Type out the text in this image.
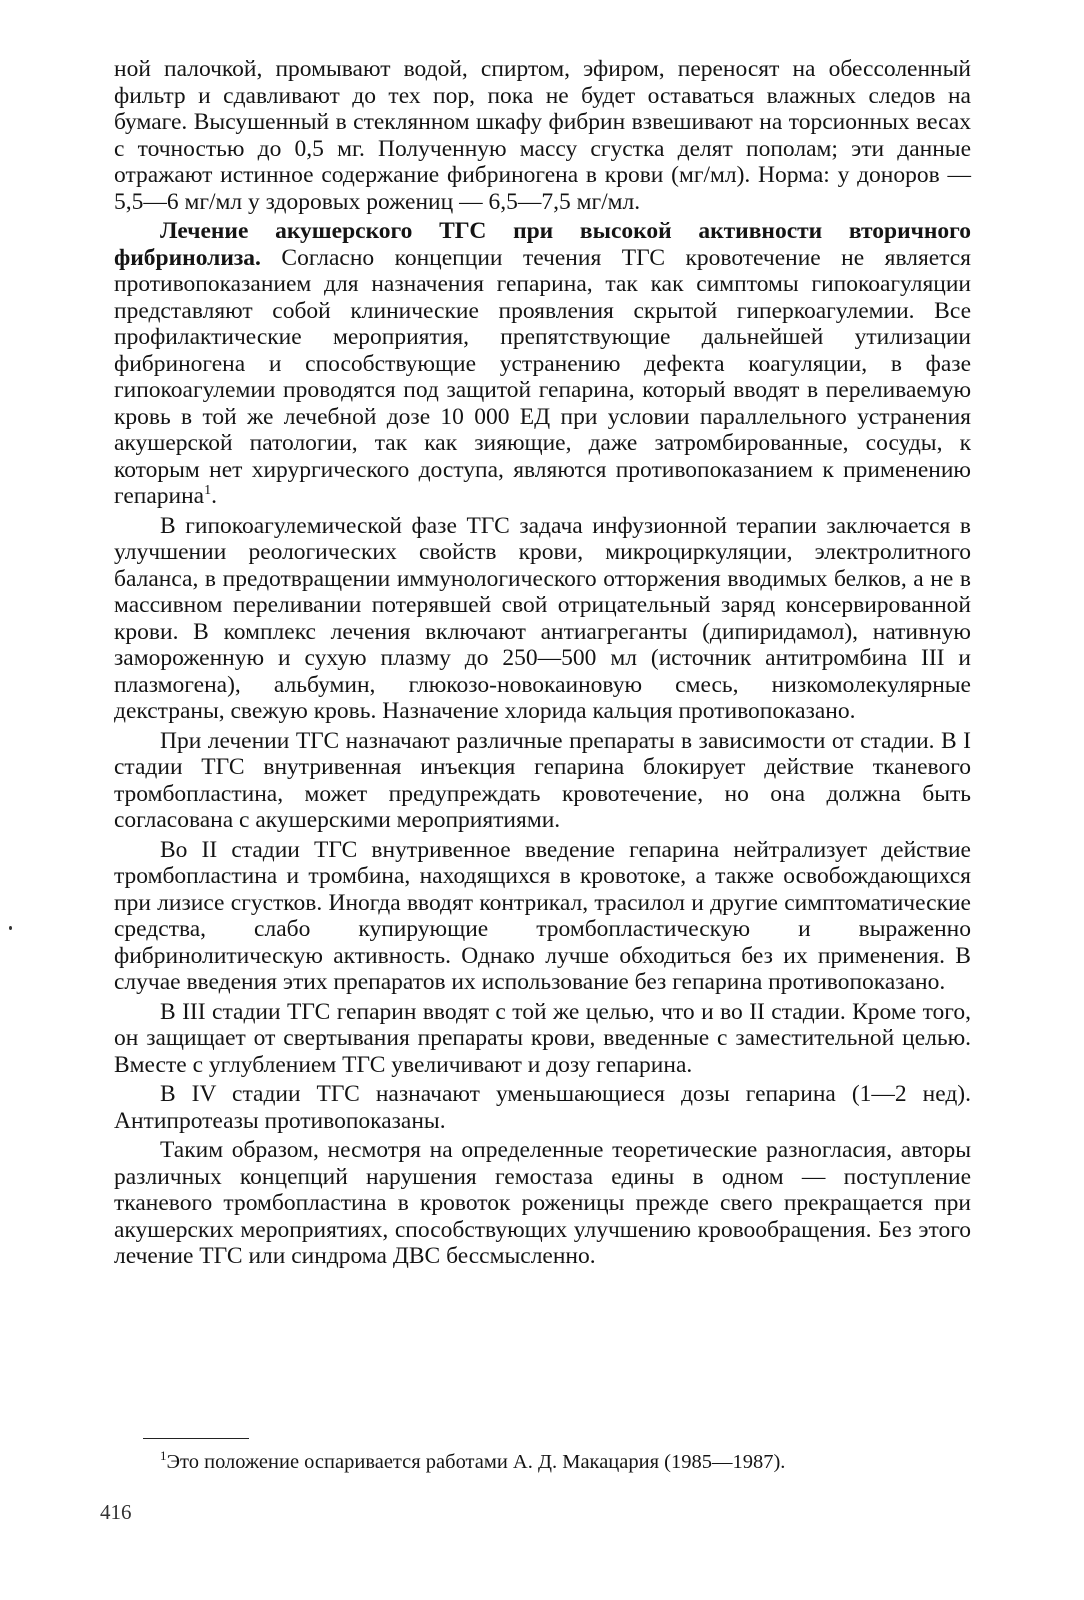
ной палочкой, промывают водой, спиртом, эфиром, переносят на обессоленный фильтр и сдавливают до тех пор, пока не будет оставаться влажных следов на бумаге. Высушенный в стеклянном шкафу фибрин взвешивают на торсионных весах с точностью до 0,5 мг. Полученную массу сгустка делят пополам; эти данные отражают истинное содержание фибриногена в крови (мг/мл). Норма: у доноров — 5,5—6 мг/мл у здоровых рожениц — 6,5—7,5 мг/мл.

Лечение акушерского ТГС при высокой активности вторичного фибринолиза. Согласно концепции течения ТГС кровотечение не является противопоказанием для назначения гепарина, так как симптомы гипокоагуляции представляют собой клинические проявления скрытой гиперкоагулемии. Все профилактические мероприятия, препятствующие дальнейшей утилизации фибриногена и способствующие устранению дефекта коагуляции, в фазе гипокоагулемии проводятся под защитой гепарина, который вводят в переливаемую кровь в той же лечебной дозе 10 000 ЕД при условии параллельного устранения акушерской патологии, так как зияющие, даже затромбированные, сосуды, к которым нет хирургического доступа, являются противопоказанием к применению гепарина$^1$.

В гипокоагулемической фазе ТГС задача инфузионной терапии заключается в улучшении реологических свойств крови, микроциркуляции, электролитного баланса, в предотвращении иммунологического отторжения вводимых белков, а не в массивном переливании потерявшей свой отрицательный заряд консервированной крови. В комплекс лечения включают антиагреганты (дипиридамол), нативную замороженную и сухую плазму до 250—500 мл (источник антитромбина III и плазмогена), альбумин, глюкозо-новокаиновую смесь, низкомолекулярные декстраны, свежую кровь. Назначение хлорида кальция противопоказано.

При лечении ТГС назначают различные препараты в зависимости от стадии. В I стадии ТГС внутривенная инъекция гепарина блокирует действие тканевого тромбопластина, может предупреждать кровотечение, но она должна быть согласована с акушерскими мероприятиями.

Во II стадии ТГС внутривенное введение гепарина нейтрализует действие тромбопластина и тромбина, находящихся в кровотоке, а также освобождающихся при лизисе сгустков. Иногда вводят контрикал, трасилол и другие симптоматические средства, слабо купирующие тромбопластическую и выраженно фибринолитическую активность. Однако лучше обходиться без их применения. В случае введения этих препаратов их использование без гепарина противопоказано.

В III стадии ТГС гепарин вводят с той же целью, что и во II стадии. Кроме того, он защищает от свертывания препараты крови, введенные с заместительной целью. Вместе с углублением ТГС увеличивают и дозу гепарина.

В IV стадии ТГС назначают уменьшающиеся дозы гепарина (1—2 нед). Антипротеазы противопоказаны.

Таким образом, несмотря на определенные теоретические разногласия, авторы различных концепций нарушения гемостаза едины в одном — поступление тканевого тромбопластина в кровоток роженицы прежде свего прекращается при акушерских мероприятиях, способствующих улучшению кровообращения. Без этого лечение ТГС или синдрома ДВС бессмысленно.

$^1$Это положение оспаривается работами А. Д. Макацария (1985—1987).

416
